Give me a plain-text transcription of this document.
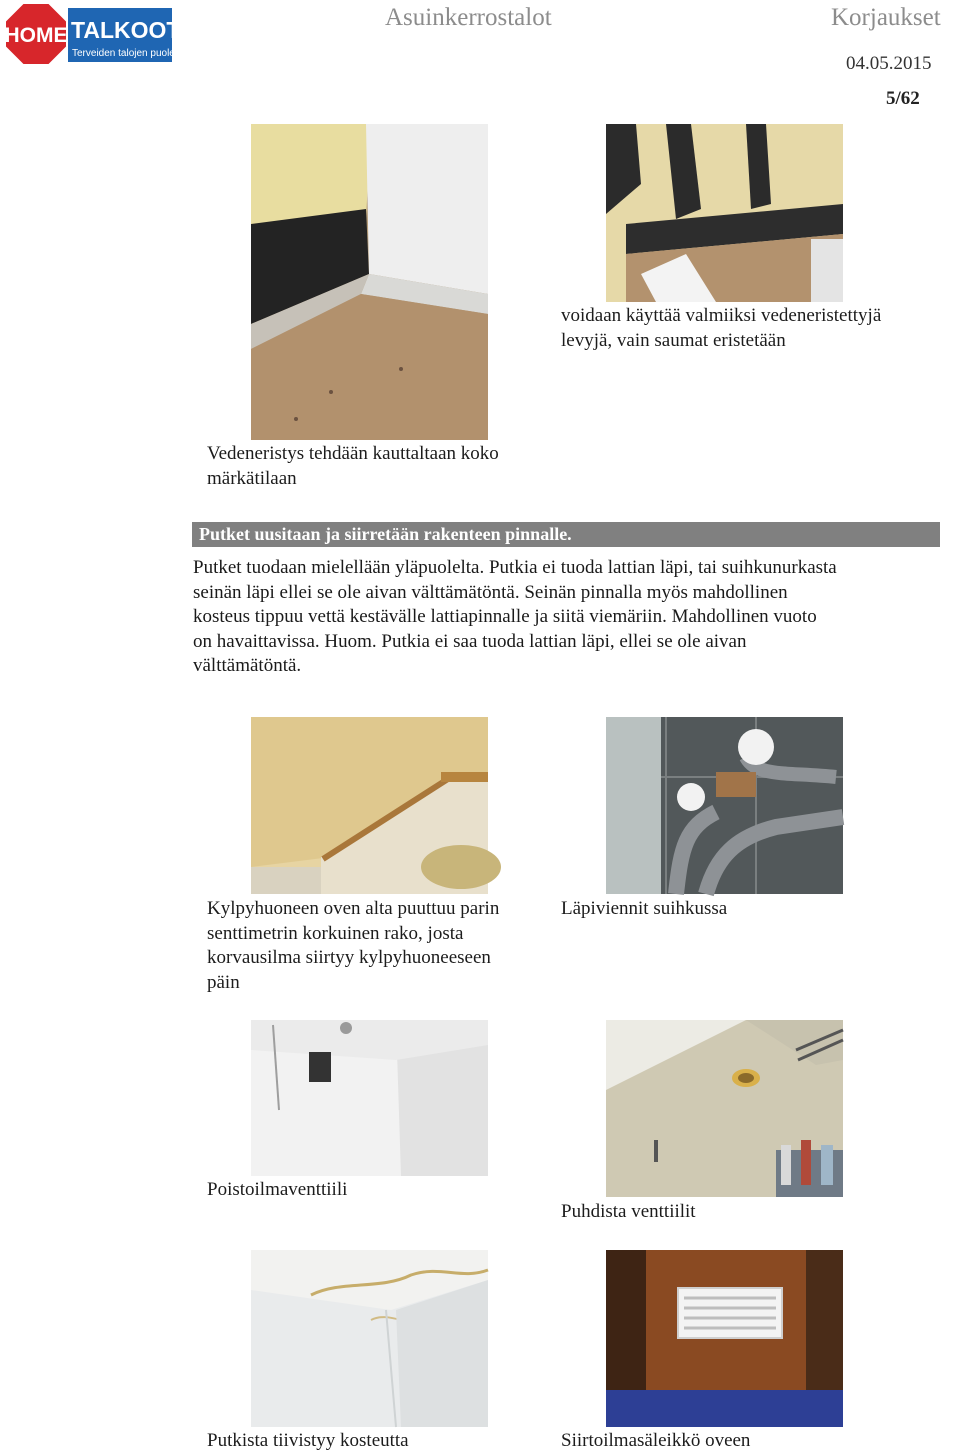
HOME TALKOOT.FI
Terveiden talojen puolesta
Asuinkerrostalot	Korjaukset
04.05.2015
5/62
voidaan käyttää valmiiksi vedeneristettyjä levyjä, vain saumat eristetään
Vedeneristys tehdään kauttaltaan koko märkätilaan
Putket uusitaan ja siirretään rakenteen pinnalle.
Putket tuodaan mielellään yläpuolelta. Putkia ei tuoda lattian läpi, tai suihkunurkasta
seinän läpi ellei se ole aivan välttämätöntä. Seinän pinnalla myös mahdollinen
kosteus tippuu vettä kestävälle lattiapinnalle ja siitä viemäriin. Mahdollinen vuoto
on havaittavissa. Huom. Putkia ei saa tuoda lattian läpi, ellei se ole aivan
välttämätöntä.
Kylpyhuoneen oven alta puuttuu parin senttimetrin korkuinen rako, josta korvausilma siirtyy kylpyhuoneeseen päin
Läpiviennit suihkussa
Poistoilmaventtiili
Puhdista venttiilit
Putkista tiivistyy kosteutta	Siirtoilmasäleikkö oveen
